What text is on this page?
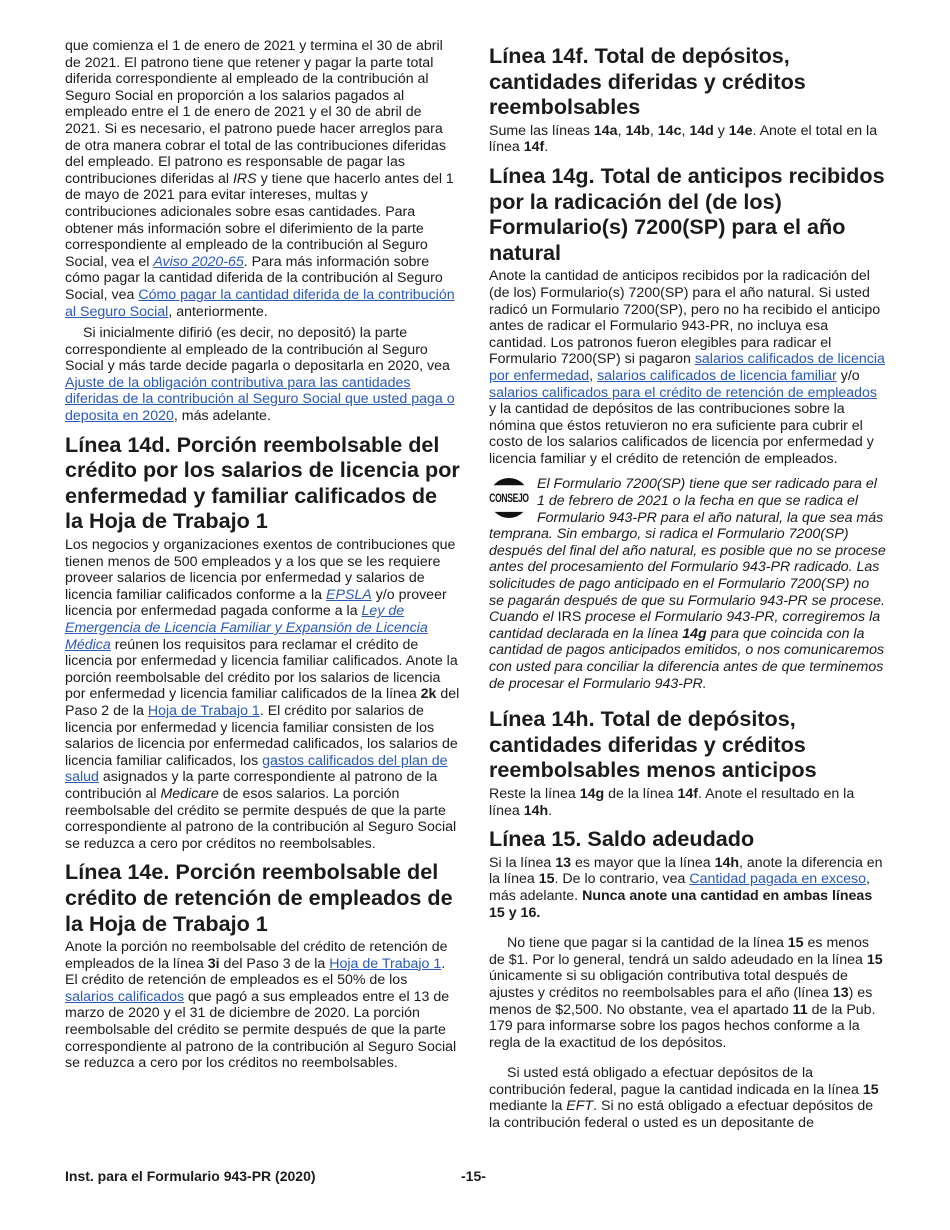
que comienza el 1 de enero de 2021 y termina el 30 de abril de 2021. El patrono tiene que retener y pagar la parte total diferida correspondiente al empleado de la contribución al Seguro Social en proporción a los salarios pagados al empleado entre el 1 de enero de 2021 y el 30 de abril de 2021. Si es necesario, el patrono puede hacer arreglos para de otra manera cobrar el total de las contribuciones diferidas del empleado. El patrono es responsable de pagar las contribuciones diferidas al IRS y tiene que hacerlo antes del 1 de mayo de 2021 para evitar intereses, multas y contribuciones adicionales sobre esas cantidades. Para obtener más información sobre el diferimiento de la parte correspondiente al empleado de la contribución al Seguro Social, vea el Aviso 2020-65. Para más información sobre cómo pagar la cantidad diferida de la contribución al Seguro Social, vea Cómo pagar la cantidad diferida de la contribución al Seguro Social, anteriormente.

Si inicialmente difirió (es decir, no depositó) la parte correspondiente al empleado de la contribución al Seguro Social y más tarde decide pagarla o depositarla en 2020, vea Ajuste de la obligación contributiva para las cantidades diferidas de la contribución al Seguro Social que usted paga o deposita en 2020, más adelante.

Línea 14d. Porción reembolsable del crédito por los salarios de licencia por enfermedad y familiar calificados de la Hoja de Trabajo 1

Los negocios y organizaciones exentos de contribuciones que tienen menos de 500 empleados y a los que se les requiere proveer salarios de licencia por enfermedad y salarios de licencia familiar calificados conforme a la EPSLA y/o proveer licencia por enfermedad pagada conforme a la Ley de Emergencia de Licencia Familiar y Expansión de Licencia Médica reúnen los requisitos para reclamar el crédito de licencia por enfermedad y licencia familiar calificados. Anote la porción reembolsable del crédito por los salarios de licencia por enfermedad y licencia familiar calificados de la línea 2k del Paso 2 de la Hoja de Trabajo 1. El crédito por salarios de licencia por enfermedad y licencia familiar consisten de los salarios de licencia por enfermedad calificados, los salarios de licencia familiar calificados, los gastos calificados del plan de salud asignados y la parte correspondiente al patrono de la contribución al Medicare de esos salarios. La porción reembolsable del crédito se permite después de que la parte correspondiente al patrono de la contribución al Seguro Social se reduzca a cero por créditos no reembolsables.

Línea 14e. Porción reembolsable del crédito de retención de empleados de la Hoja de Trabajo 1

Anote la porción no reembolsable del crédito de retención de empleados de la línea 3i del Paso 3 de la Hoja de Trabajo 1. El crédito de retención de empleados es el 50% de los salarios calificados que pagó a sus empleados entre el 13 de marzo de 2020 y el 31 de diciembre de 2020. La porción reembolsable del crédito se permite después de que la parte correspondiente al patrono de la contribución al Seguro Social se reduzca a cero por los créditos no reembolsables.

Línea 14f. Total de depósitos, cantidades diferidas y créditos reembolsables

Sume las líneas 14a, 14b, 14c, 14d y 14e. Anote el total en la línea 14f.

Línea 14g. Total de anticipos recibidos por la radicación del (de los) Formulario(s) 7200(SP) para el año natural

Anote la cantidad de anticipos recibidos por la radicación del (de los) Formulario(s) 7200(SP) para el año natural. Si usted radicó un Formulario 7200(SP), pero no ha recibido el anticipo antes de radicar el Formulario 943-PR, no incluya esa cantidad. Los patronos fueron elegibles para radicar el Formulario 7200(SP) si pagaron salarios calificados de licencia por enfermedad, salarios calificados de licencia familiar y/o salarios calificados para el crédito de retención de empleados y la cantidad de depósitos de las contribuciones sobre la nómina que éstos retuvieron no era suficiente para cubrir el costo de los salarios calificados de licencia por enfermedad y licencia familiar y el crédito de retención de empleados.

CONSEJO
El Formulario 7200(SP) tiene que ser radicado para el 1 de febrero de 2021 o la fecha en que se radica el Formulario 943-PR para el año natural, la que sea más temprana. Sin embargo, si radica el Formulario 7200(SP) después del final del año natural, es posible que no se procese antes del procesamiento del Formulario 943-PR radicado. Las solicitudes de pago anticipado en el Formulario 7200(SP) no se pagarán después de que su Formulario 943-PR se procese. Cuando el IRS procese el Formulario 943-PR, corregiremos la cantidad declarada en la línea 14g para que coincida con la cantidad de pagos anticipados emitidos, o nos comunicaremos con usted para conciliar la diferencia antes de que terminemos de procesar el Formulario 943-PR.
Línea 14h. Total de depósitos, cantidades diferidas y créditos reembolsables menos anticipos

Reste la línea 14g de la línea 14f. Anote el resultado en la línea 14h.

Línea 15. Saldo adeudado

Si la línea 13 es mayor que la línea 14h, anote la diferencia en la línea 15. De lo contrario, vea Cantidad pagada en exceso, más adelante. Nunca anote una cantidad en ambas líneas 15 y 16.

No tiene que pagar si la cantidad de la línea 15 es menos de $1. Por lo general, tendrá un saldo adeudado en la línea 15 únicamente si su obligación contributiva total después de ajustes y créditos no reembolsables para el año (línea 13) es menos de $2,500. No obstante, vea el apartado 11 de la Pub. 179 para informarse sobre los pagos hechos conforme a la regla de la exactitud de los depósitos.

Si usted está obligado a efectuar depósitos de la contribución federal, pague la cantidad indicada en la línea 15 mediante la EFT. Si no está obligado a efectuar depósitos de la contribución federal o usted es un depositante de

Inst. para el Formulario 943-PR (2020)	-15-
